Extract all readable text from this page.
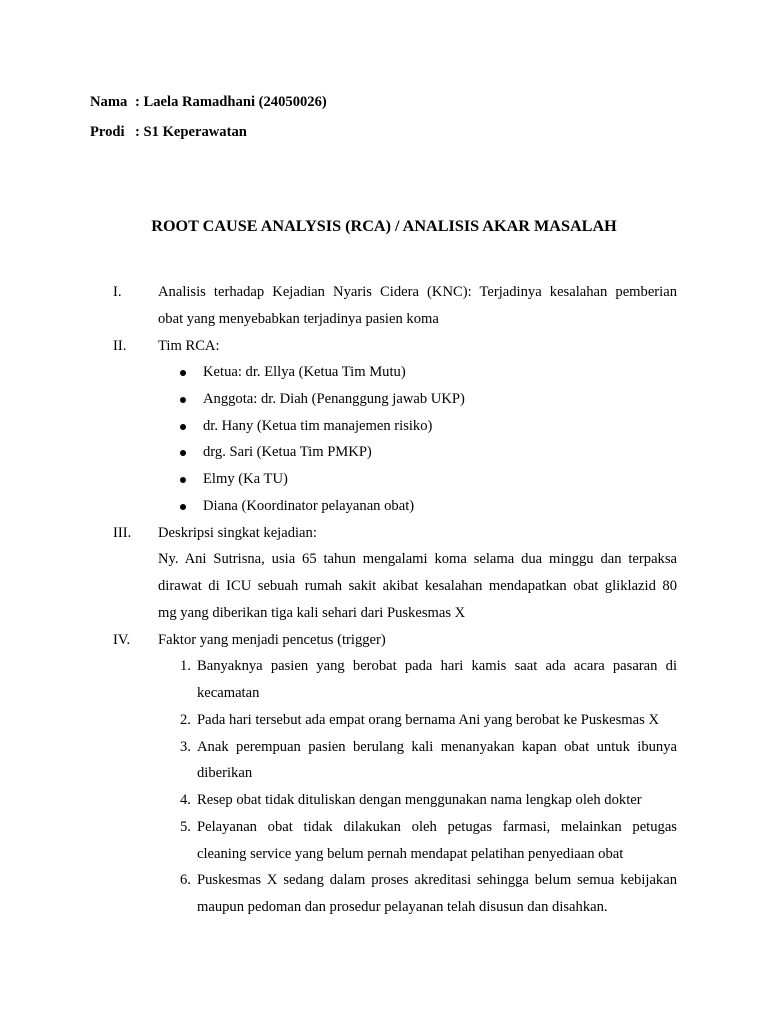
Nama : Laela Ramadhani (24050026)
Prodi : S1 Keperawatan
ROOT CAUSE ANALYSIS (RCA) / ANALISIS AKAR MASALAH
I. Analisis terhadap Kejadian Nyaris Cidera (KNC): Terjadinya kesalahan pemberian
obat yang menyebabkan terjadinya pasien koma
II. Tim RCA:
Ketua: dr. Ellya (Ketua Tim Mutu)
Anggota: dr. Diah (Penanggung jawab UKP)
dr. Hany (Ketua tim manajemen risiko)
drg. Sari (Ketua Tim PMKP)
Elmy (Ka TU)
Diana (Koordinator pelayanan obat)
III. Deskripsi singkat kejadian:
Ny. Ani Sutrisna, usia 65 tahun mengalami koma selama dua minggu dan terpaksa
dirawat di ICU sebuah rumah sakit akibat kesalahan mendapatkan obat gliklazid 80
mg yang diberikan tiga kali sehari dari Puskesmas X
IV. Faktor yang menjadi pencetus (trigger)
1. Banyaknya pasien yang berobat pada hari kamis saat ada acara pasaran di
kecamatan
2. Pada hari tersebut ada empat orang bernama Ani yang berobat ke Puskesmas X
3. Anak perempuan pasien berulang kali menanyakan kapan obat untuk ibunya
diberikan
4. Resep obat tidak dituliskan dengan menggunakan nama lengkap oleh dokter
5. Pelayanan obat tidak dilakukan oleh petugas farmasi, melainkan petugas
cleaning service yang belum pernah mendapat pelatihan penyediaan obat
6. Puskesmas X sedang dalam proses akreditasi sehingga belum semua kebijakan
maupun pedoman dan prosedur pelayanan telah disusun dan disahkan.
